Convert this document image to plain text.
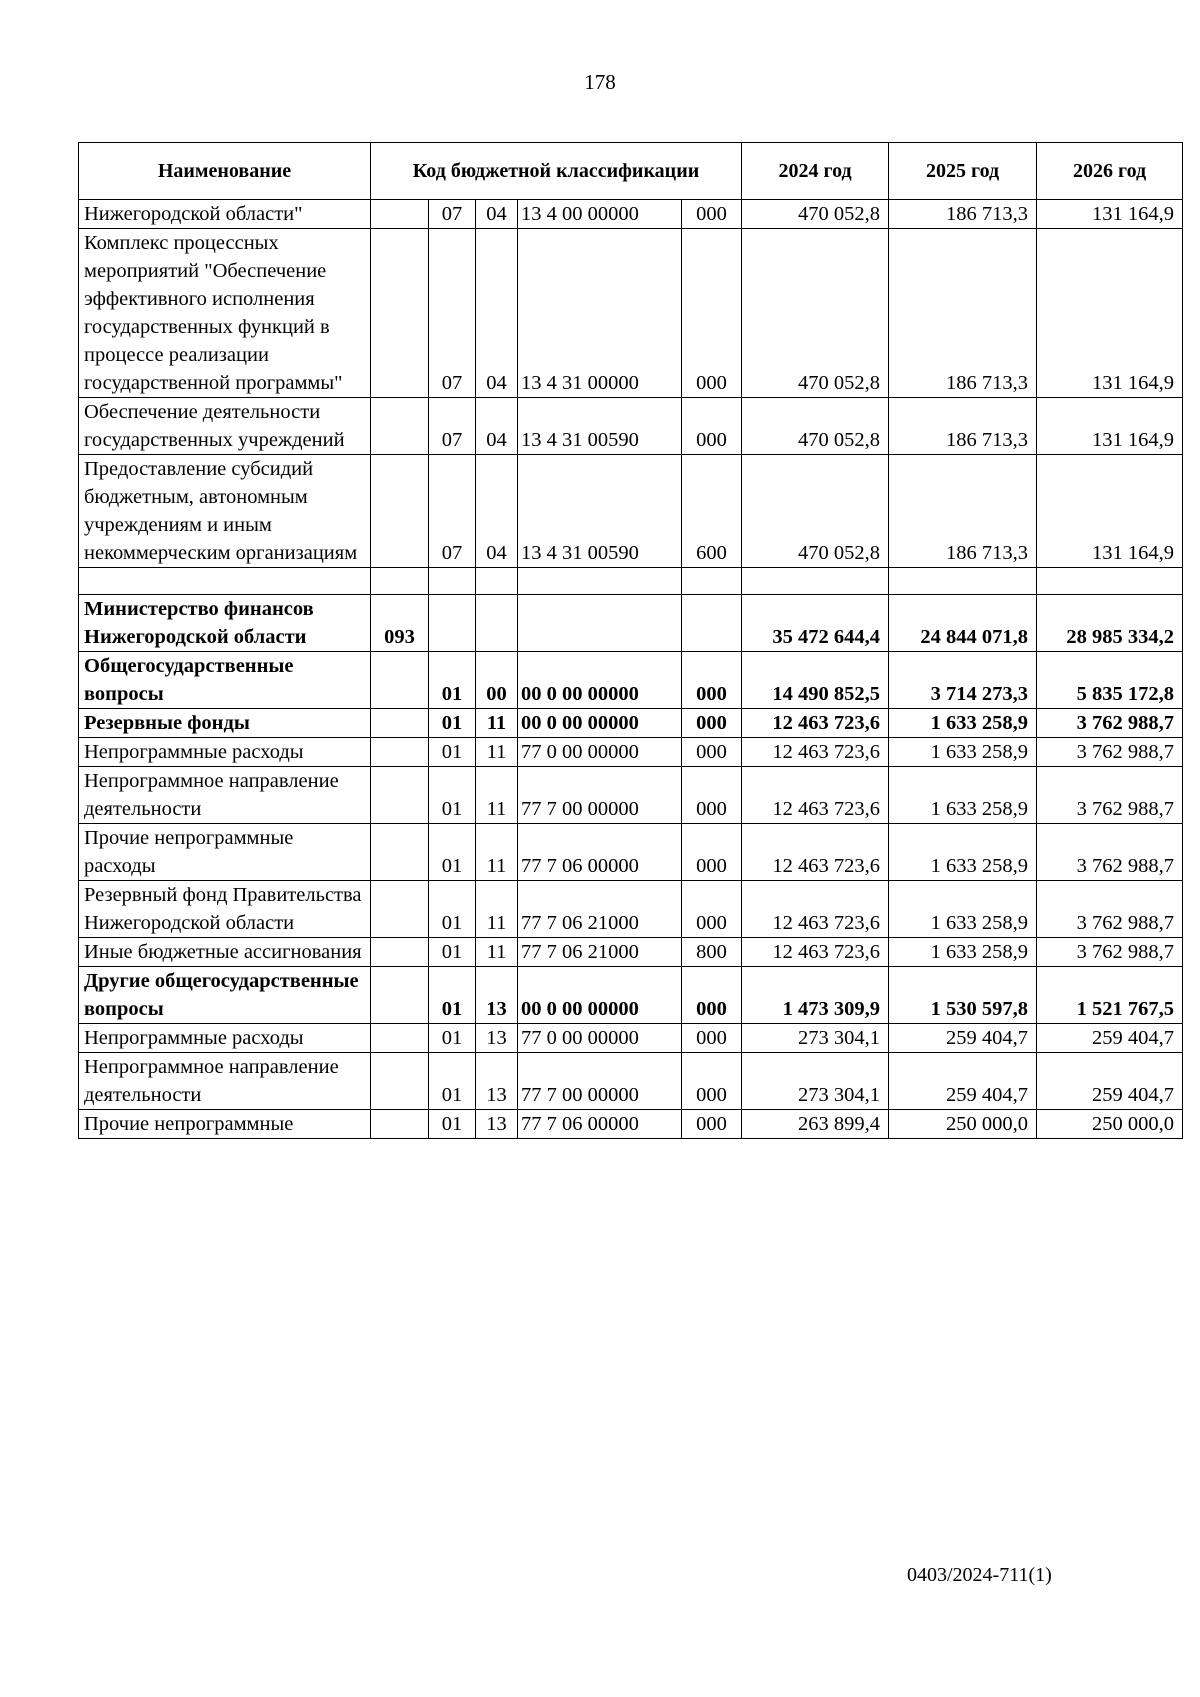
178
Наименование	Код бюджетной классификации					2024 год	2025 год	2026 год
Нижегородской области"		07	04	13 4 00 00000	000	470 052,8	186 713,3	131 164,9
Комплекс процессных мероприятий "Обеспечение эффективного исполнения государственных функций в процессе реализации государственной программы"		07	04	13 4 31 00000	000	470 052,8	186 713,3	131 164,9
Обеспечение деятельности государственных учреждений		07	04	13 4 31 00590	000	470 052,8	186 713,3	131 164,9
Предоставление субсидий бюджетным, автономным учреждениям и иным некоммерческим организациям		07	04	13 4 31 00590	600	470 052,8	186 713,3	131 164,9

Министерство финансов Нижегородской области	093					35 472 644,4	24 844 071,8	28 985 334,2
Общегосударственные вопросы		01	00	00 0 00 00000	000	14 490 852,5	3 714 273,3	5 835 172,8
Резервные фонды		01	11	00 0 00 00000	000	12 463 723,6	1 633 258,9	3 762 988,7
Непрограммные расходы		01	11	77 0 00 00000	000	12 463 723,6	1 633 258,9	3 762 988,7
Непрограммное направление деятельности		01	11	77 7 00 00000	000	12 463 723,6	1 633 258,9	3 762 988,7
Прочие непрограммные расходы		01	11	77 7 06 00000	000	12 463 723,6	1 633 258,9	3 762 988,7
Резервный фонд Правительства Нижегородской области		01	11	77 7 06 21000	000	12 463 723,6	1 633 258,9	3 762 988,7
Иные бюджетные ассигнования		01	11	77 7 06 21000	800	12 463 723,6	1 633 258,9	3 762 988,7
Другие общегосударственные вопросы		01	13	00 0 00 00000	000	1 473 309,9	1 530 597,8	1 521 767,5
Непрограммные расходы		01	13	77 0 00 00000	000	273 304,1	259 404,7	259 404,7
Непрограммное направление деятельности		01	13	77 7 00 00000	000	273 304,1	259 404,7	259 404,7
Прочие непрограммные		01	13	77 7 06 00000	000	263 899,4	250 000,0	250 000,0
0403/2024-711(1)
